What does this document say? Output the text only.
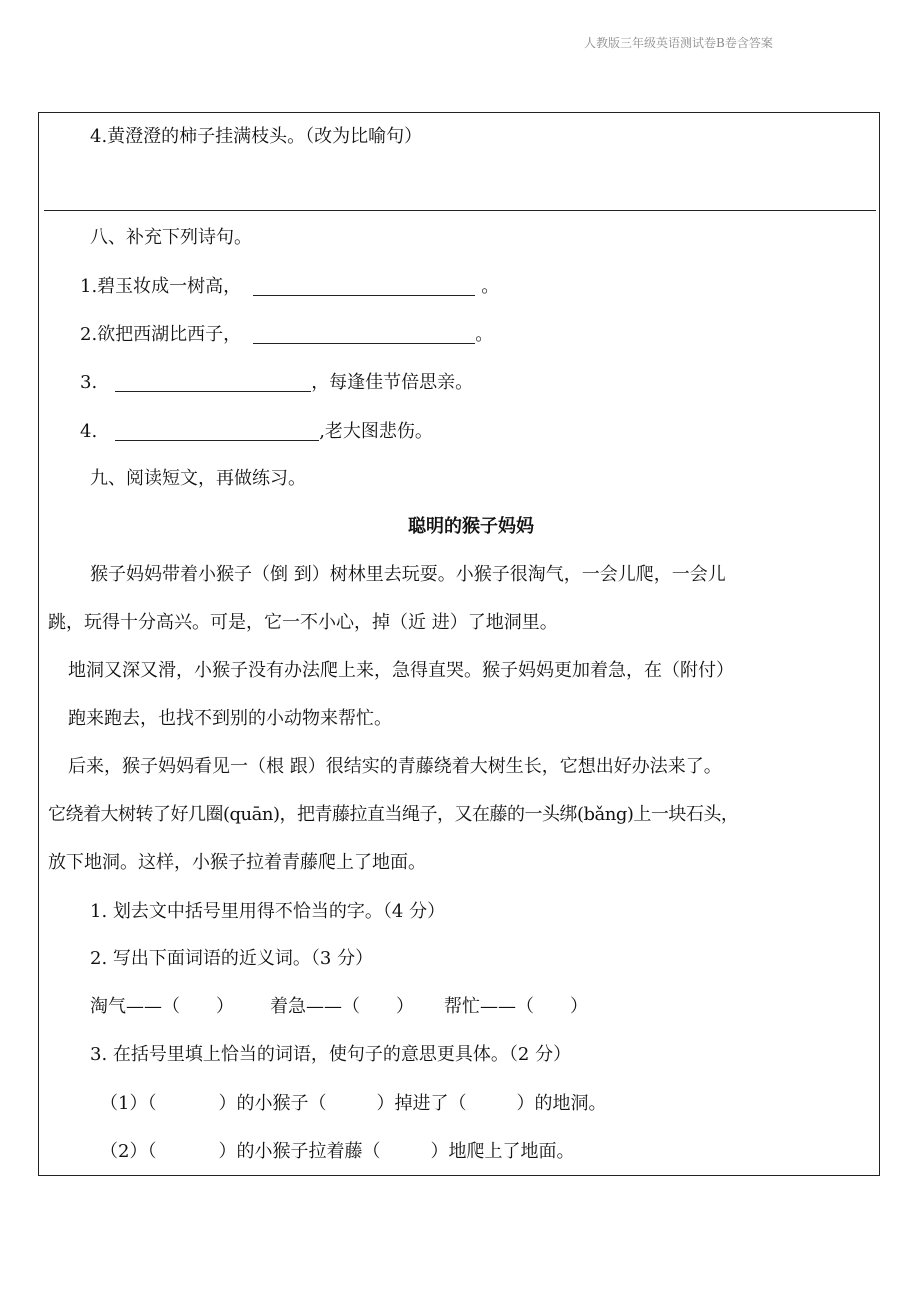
人教版三年级英语测试卷B卷含答案
4.黄澄澄的柿子挂满枝头。（改为比喻句）
八、补充下列诗句。
1.碧玉妆成一树高，	。
2.欲把西湖比西子，	。
3.	，每逢佳节倍思亲。
4.	,老大图悲伤。
九、阅读短文，再做练习。
聪明的猴子妈妈
猴子妈妈带着小猴子（倒 到）树林里去玩耍。小猴子很淘气，一会儿爬，一会儿
跳，玩得十分高兴。可是，它一不小心，掉（近 进）了地洞里。
地洞又深又滑，小猴子没有办法爬上来，急得直哭。猴子妈妈更加着急，在（附付）
跑来跑去，也找不到别的小动物来帮忙。
后来，猴子妈妈看见一（根 跟）很结实的青藤绕着大树生长，它想出好办法来了。
它绕着大树转了好几圈(quān)，把青藤拉直当绳子，又在藤的一头绑(bǎng)上一块石头，
放下地洞。这样，小猴子拉着青藤爬上了地面。
1. 划去文中括号里用得不恰当的字。（4 分）
2. 写出下面词语的近义词。（3 分）
淘气——（ ） 着急——（ ） 帮忙——（ ）
3. 在括号里填上恰当的词语，使句子的意思更具体。（2 分）
（1）（	）的小猴子（	）掉进了（	）的地洞。
（2）（	）的小猴子拉着藤（	）地爬上了地面。
